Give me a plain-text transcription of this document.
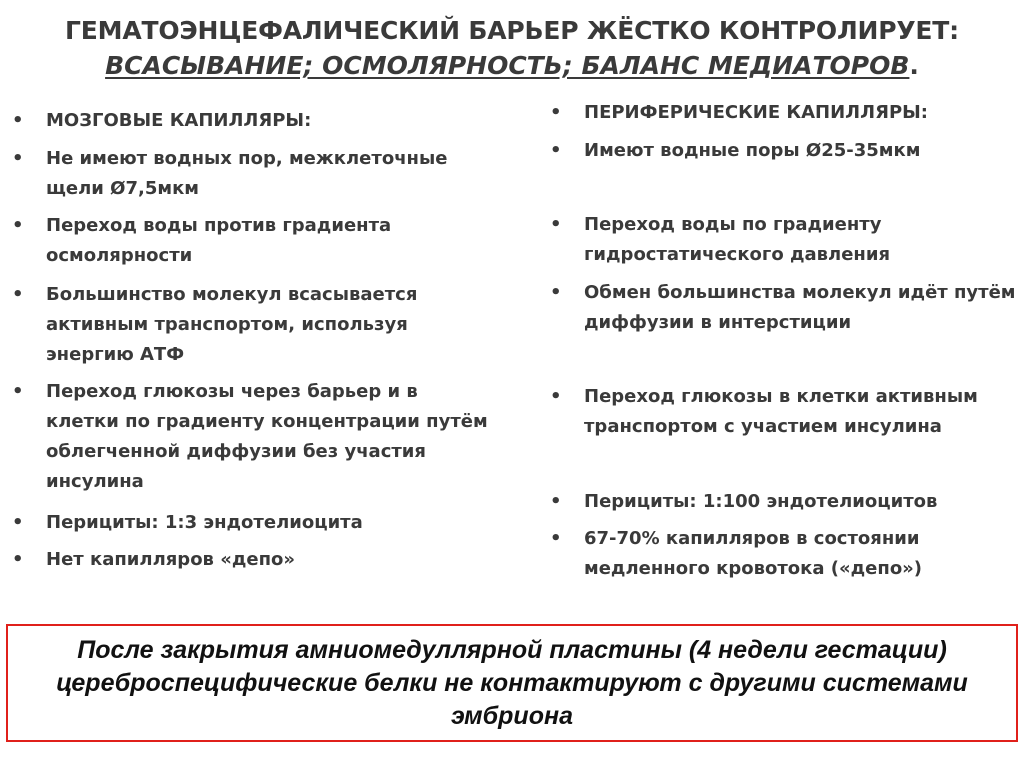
ГЕМАТОЭНЦЕФАЛИЧЕСКИЙ БАРЬЕР ЖЁСТКО КОНТРОЛИРУЕТ:
ВСАСЫВАНИЕ; ОСМОЛЯРНОСТЬ; БАЛАНС МЕДИАТОРОВ.
•	МОЗГОВЫЕ КАПИЛЛЯРЫ:
•	Не имеют водных пор, межклеточные щели Ø7,5мкм
•	Переход воды против градиента осмолярности
•	Большинство молекул всасывается активным транспортом, используя энергию АТФ
•	Переход глюкозы через барьер и в клетки по градиенту концентрации путём облегченной диффузии без участия инсулина
•	Перициты: 1:3 эндотелиоцита
•	Нет капилляров «депо»
•	ПЕРИФЕРИЧЕСКИЕ КАПИЛЛЯРЫ:
•	Имеют водные поры Ø25-35мкм
•	Переход воды по градиенту гидростатического давления
•	Обмен большинства молекул идёт путём диффузии в интерстиции
•	Переход глюкозы в клетки активным транспортом с участием инсулина
•	Перициты: 1:100 эндотелиоцитов
•	67-70% капилляров в состоянии медленного кровотока («депо»)
После закрытия амниомедуллярной пластины (4 недели гестации) цереброспецифические белки не контактируют с другими системами эмбриона
